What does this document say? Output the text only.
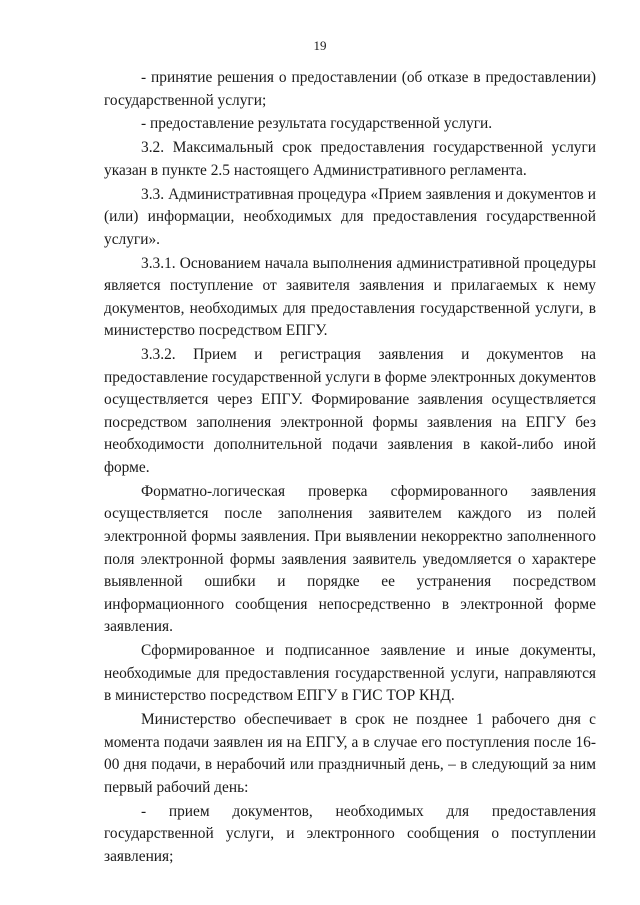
19

- принятие решения о предоставлении (об отказе в предоставлении) государственной услуги;

- предоставление результата государственной услуги.

3.2. Максимальный срок предоставления государственной услуги указан в пункте 2.5 настоящего Административного регламента.

3.3. Административная процедура «Прием заявления и документов и (или) информации, необходимых для предоставления государственной услуги».

3.3.1. Основанием начала выполнения административной процедуры является поступление от заявителя заявления и прилагаемых к нему документов, необходимых для предоставления государственной услуги, в министерство посредством ЕПГУ.

3.3.2. Прием и регистрация заявления и документов на предоставление государственной услуги в форме электронных документов осуществляется через ЕПГУ. Формирование заявления осуществляется посредством заполнения электронной формы заявления на ЕПГУ без необходимости дополнительной подачи заявления в какой-либо иной форме.

Форматно-логическая проверка сформированного заявления осуществляется после заполнения заявителем каждого из полей электронной формы заявления. При выявлении некорректно заполненного поля электронной формы заявления заявитель уведомляется о характере выявленной ошибки и порядке ее устранения посредством информационного сообщения непосредственно в электронной форме заявления.

Сформированное и подписанное заявление и иные документы, необходимые для предоставления государственной услуги, направляются в министерство посредством ЕПГУ в ГИС ТОР КНД.

Министерство обеспечивает в срок не позднее 1 рабочего дня с момента подачи заявлен ия на ЕПГУ, а в случае его поступления после 16-00 дня подачи, в нерабочий или праздничный день, – в следующий за ним первый рабочий день:

- прием документов, необходимых для предоставления государственной услуги, и электронного сообщения о поступлении заявления;
